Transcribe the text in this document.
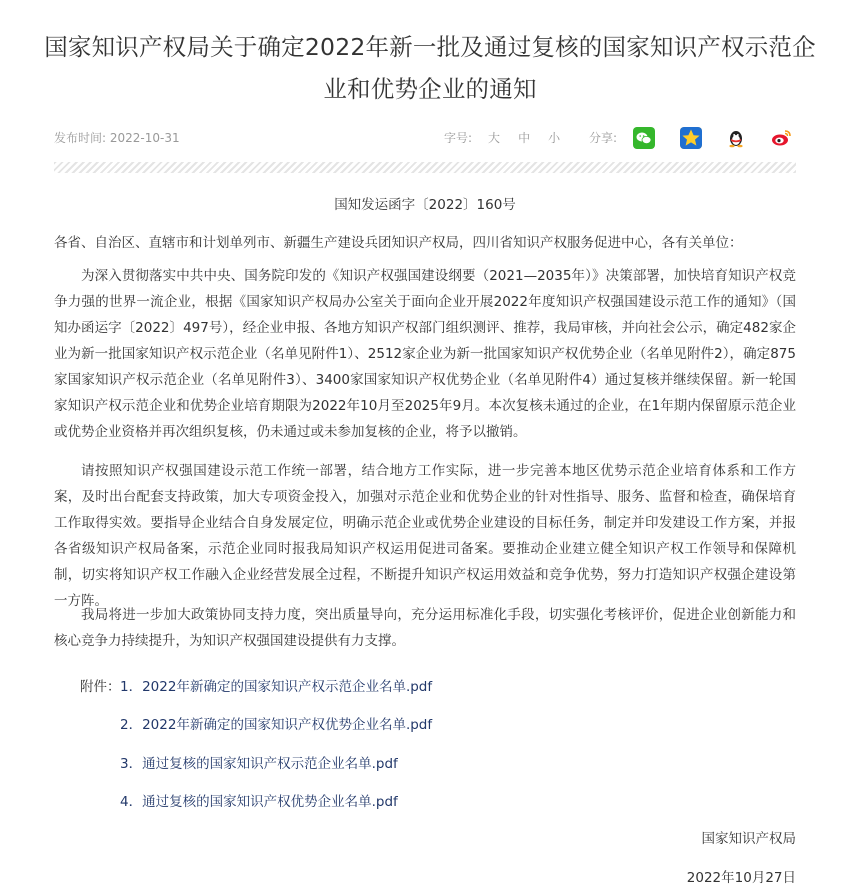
国家知识产权局关于确定2022年新一批及通过复核的国家知识产权示范企业和优势企业的通知
发布时间: 2022-10-31	字号: 大 中 小 分享:
国知发运函字〔2022〕160号
各省、自治区、直辖市和计划单列市、新疆生产建设兵团知识产权局，四川省知识产权服务促进中心，各有关单位：

为深入贯彻落实中共中央、国务院印发的《知识产权强国建设纲要（2021—2035年）》决策部署，加快培育知识产权竞争力强的世界一流企业，根据《国家知识产权局办公室关于面向企业开展2022年度知识产权强国建设示范工作的通知》（国知办函运字〔2022〕497号），经企业申报、各地方知识产权部门组织测评、推荐，我局审核，并向社会公示，确定482家企业为新一批国家知识产权示范企业（名单见附件1）、2512家企业为新一批国家知识产权优势企业（名单见附件2），确定875家国家知识产权示范企业（名单见附件3）、3400家国家知识产权优势企业（名单见附件4）通过复核并继续保留。新一轮国家知识产权示范企业和优势企业培育期限为2022年10月至2025年9月。本次复核未通过的企业，在1年期内保留原示范企业或优势企业资格并再次组织复核，仍未通过或未参加复核的企业，将予以撤销。

请按照知识产权强国建设示范工作统一部署，结合地方工作实际，进一步完善本地区优势示范企业培育体系和工作方案，及时出台配套支持政策，加大专项资金投入，加强对示范企业和优势企业的针对性指导、服务、监督和检查，确保培育工作取得实效。要指导企业结合自身发展定位，明确示范企业或优势企业建设的目标任务，制定并印发建设工作方案，并报各省级知识产权局备案，示范企业同时报我局知识产权运用促进司备案。要推动企业建立健全知识产权工作领导和保障机制，切实将知识产权工作融入企业经营发展全过程，不断提升知识产权运用效益和竞争优势，努力打造知识产权强企建设第一方阵。

我局将进一步加大政策协同支持力度，突出质量导向，充分运用标准化手段，切实强化考核评价，促进企业创新能力和核心竞争力持续提升，为知识产权强国建设提供有力支撑。

附件： 1．2022年新确定的国家知识产权示范企业名单.pdf
2．2022年新确定的国家知识产权优势企业名单.pdf
3．通过复核的国家知识产权示范企业名单.pdf
4．通过复核的国家知识产权优势企业名单.pdf
国家知识产权局
2022年10月27日
